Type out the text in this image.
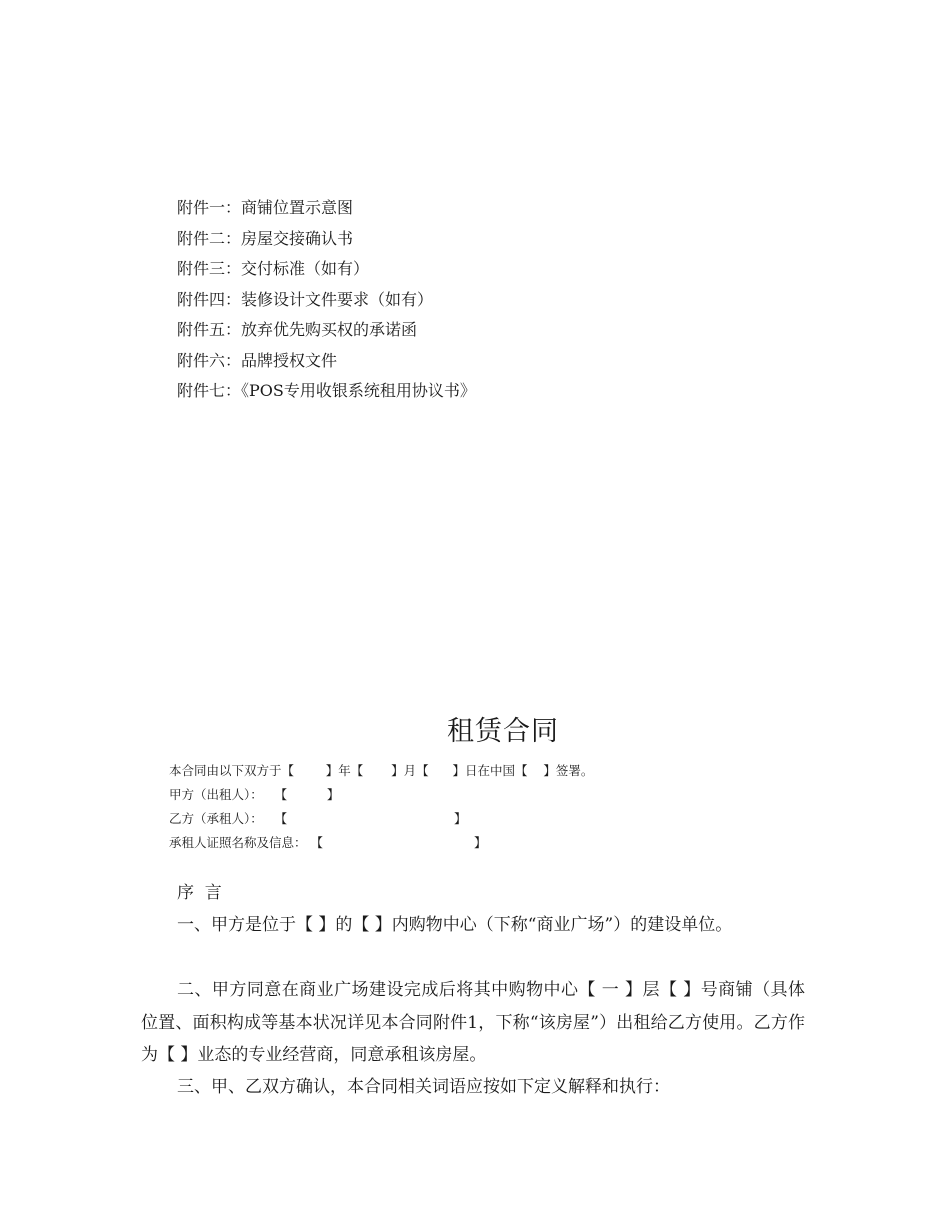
附件一：商铺位置示意图
附件二：房屋交接确认书
附件三：交付标准（如有）
附件四：装修设计文件要求（如有）
附件五：放弃优先购买权的承诺函
附件六：品牌授权文件
附件七：《POS专用收银系统租用协议书》
租赁合同
本合同由以下双方于【        】年【       】月【      】日在中国【    】签署。
甲方（出租人）：   【          】
乙方（承租人）：   【                                          】
承租人证照名称及信息： 【                                      】
序  言

一、甲方是位于【 】的【 】内购物中心（下称“商业广场”）的建设单位。

二、甲方同意在商业广场建设完成后将其中购物中心【 一 】层【 】号商铺（具体位置、面积构成等基本状况详见本合同附件1，下称“该房屋”）出租给乙方使用。乙方作为【 】业态的专业经营商，同意承租该房屋。

三、甲、乙双方确认，本合同相关词语应按如下定义解释和执行：
